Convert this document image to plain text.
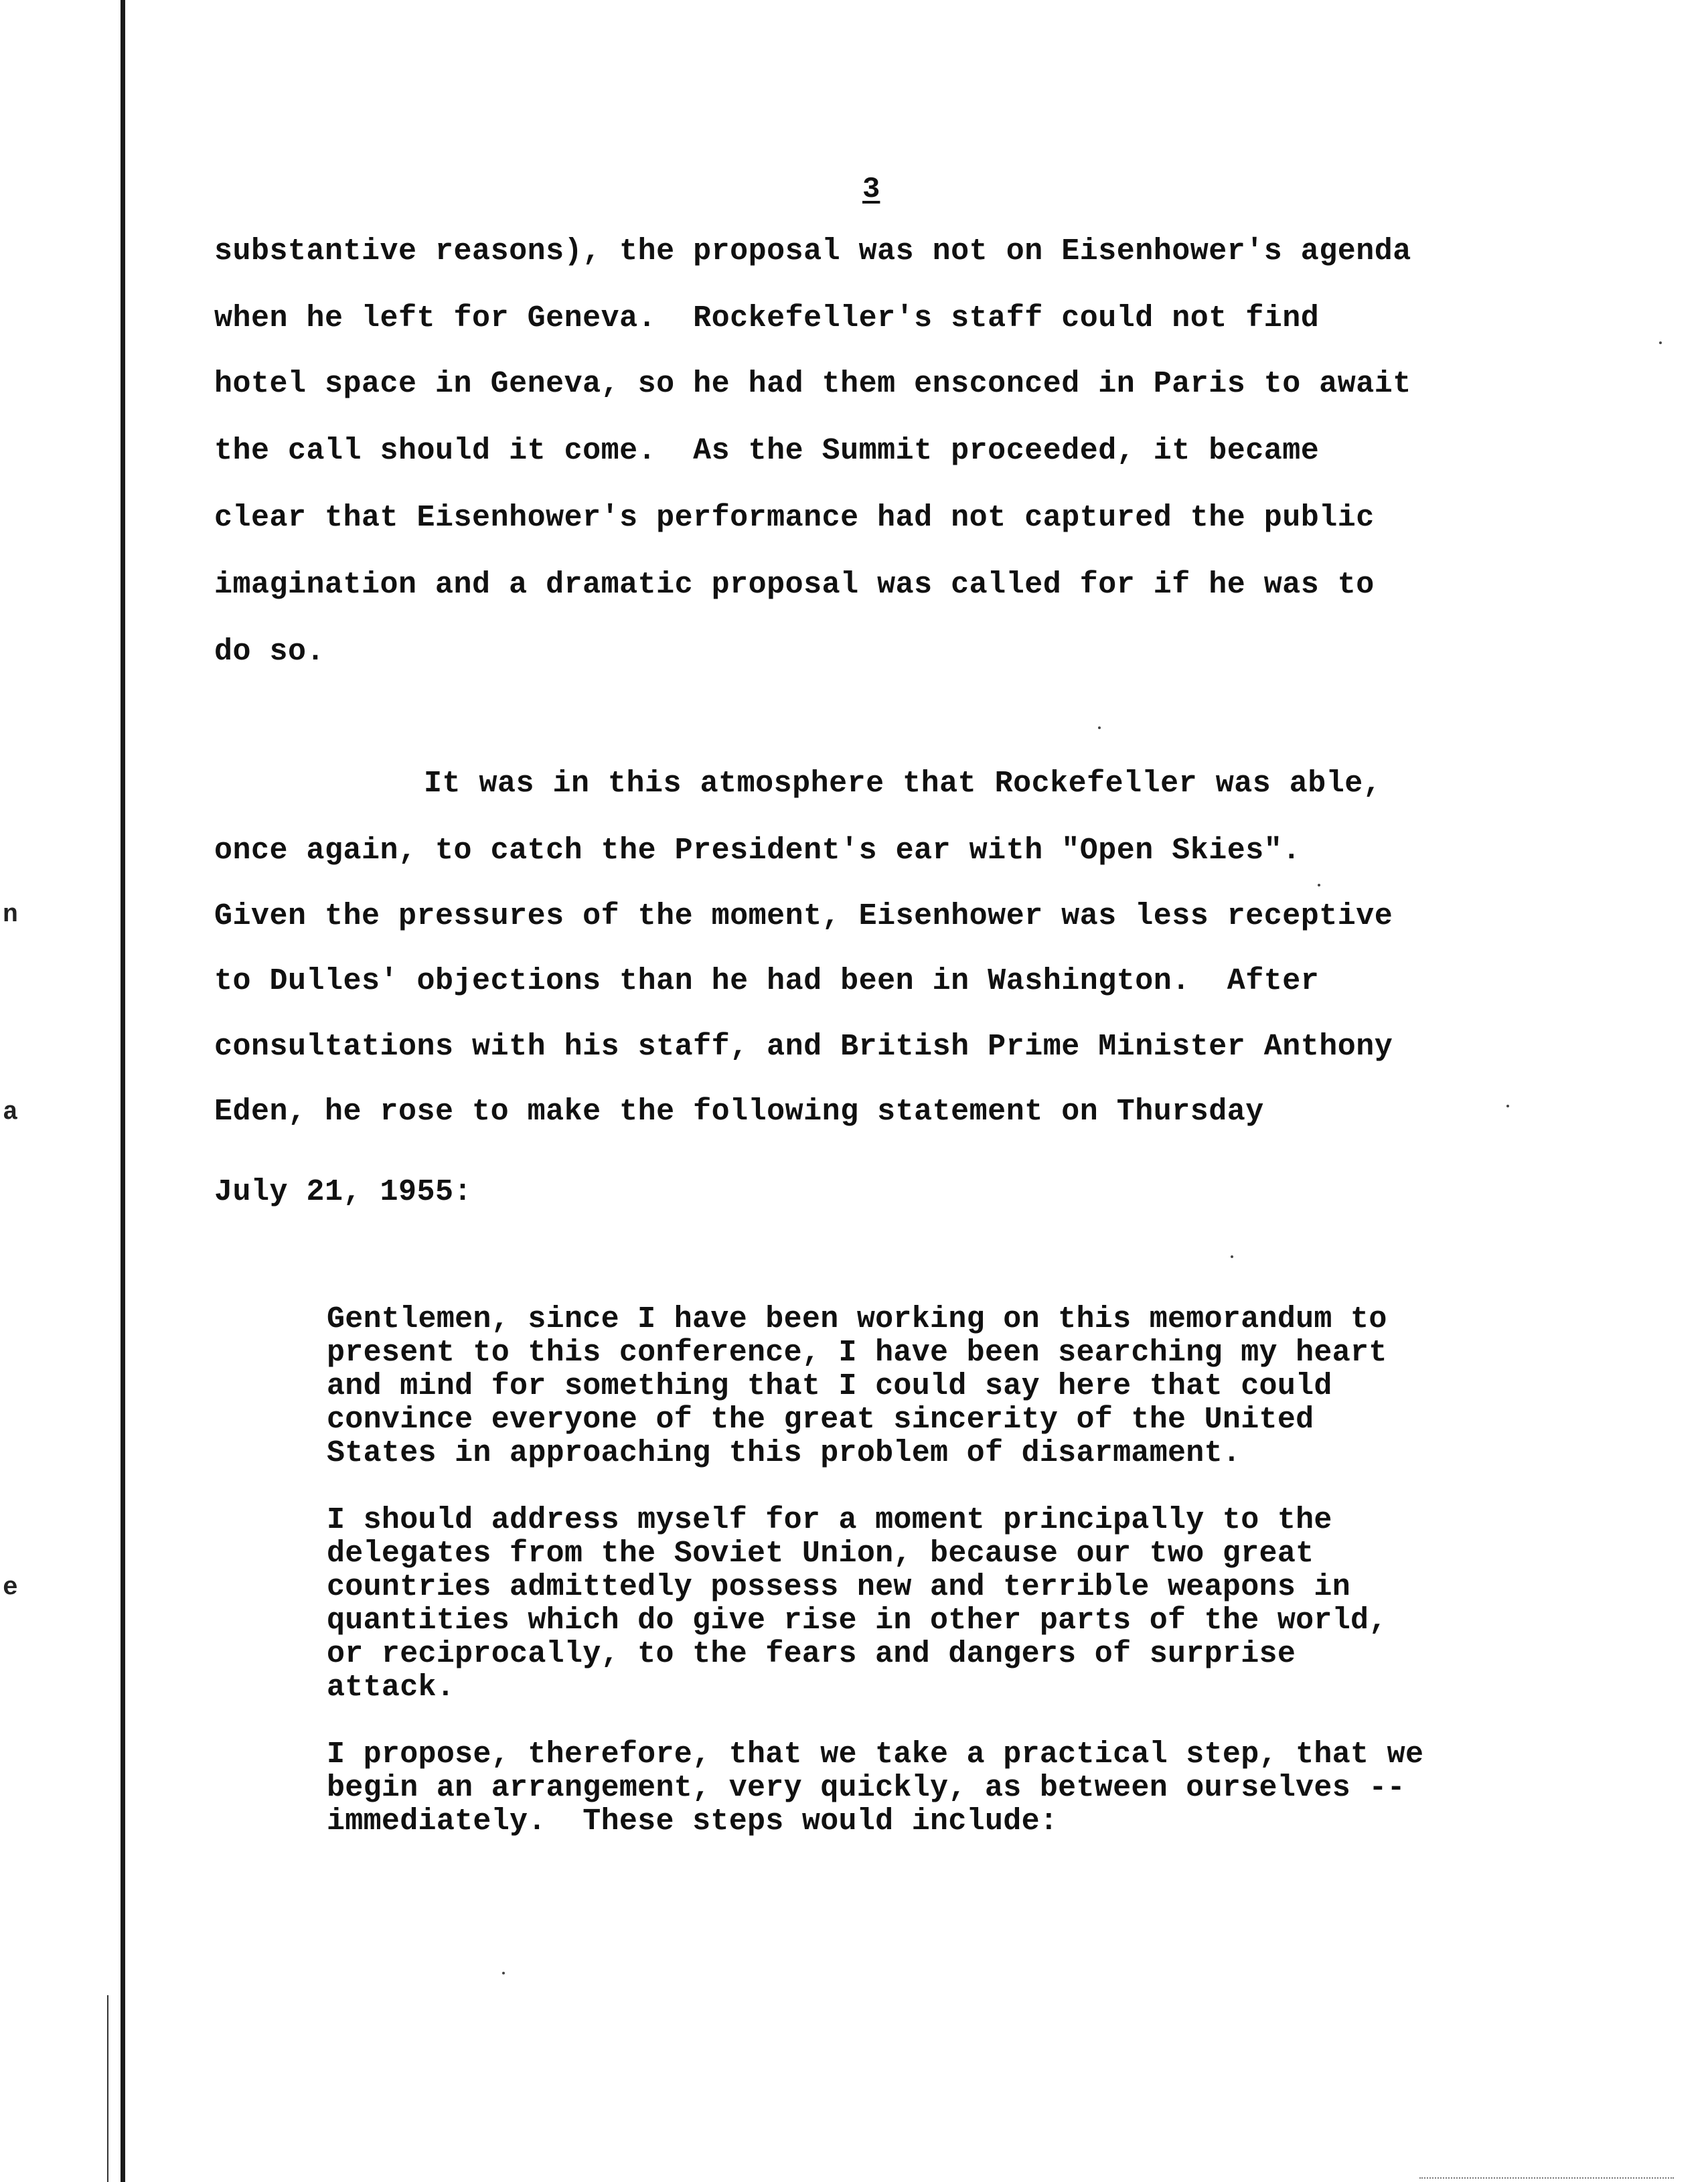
n
a
e
3
substantive reasons), the proposal was not on Eisenhower's agenda
when he left for Geneva.  Rockefeller's staff could not find
hotel space in Geneva, so he had them ensconced in Paris to await
the call should it come.  As the Summit proceeded, it became
clear that Eisenhower's performance had not captured the public
imagination and a dramatic proposal was called for if he was to
do so.
It was in this atmosphere that Rockefeller was able,
once again, to catch the President's ear with "Open Skies".
Given the pressures of the moment, Eisenhower was less receptive
to Dulles' objections than he had been in Washington.  After
consultations with his staff, and British Prime Minister Anthony
Eden, he rose to make the following statement on Thursday
July 21, 1955:
Gentlemen, since I have been working on this memorandum to
present to this conference, I have been searching my heart
and mind for something that I could say here that could
convince everyone of the great sincerity of the United
States in approaching this problem of disarmament.
I should address myself for a moment principally to the
delegates from the Soviet Union, because our two great
countries admittedly possess new and terrible weapons in
quantities which do give rise in other parts of the world,
or reciprocally, to the fears and dangers of surprise
attack.
I propose, therefore, that we take a practical step, that we
begin an arrangement, very quickly, as between ourselves --
immediately.  These steps would include:
